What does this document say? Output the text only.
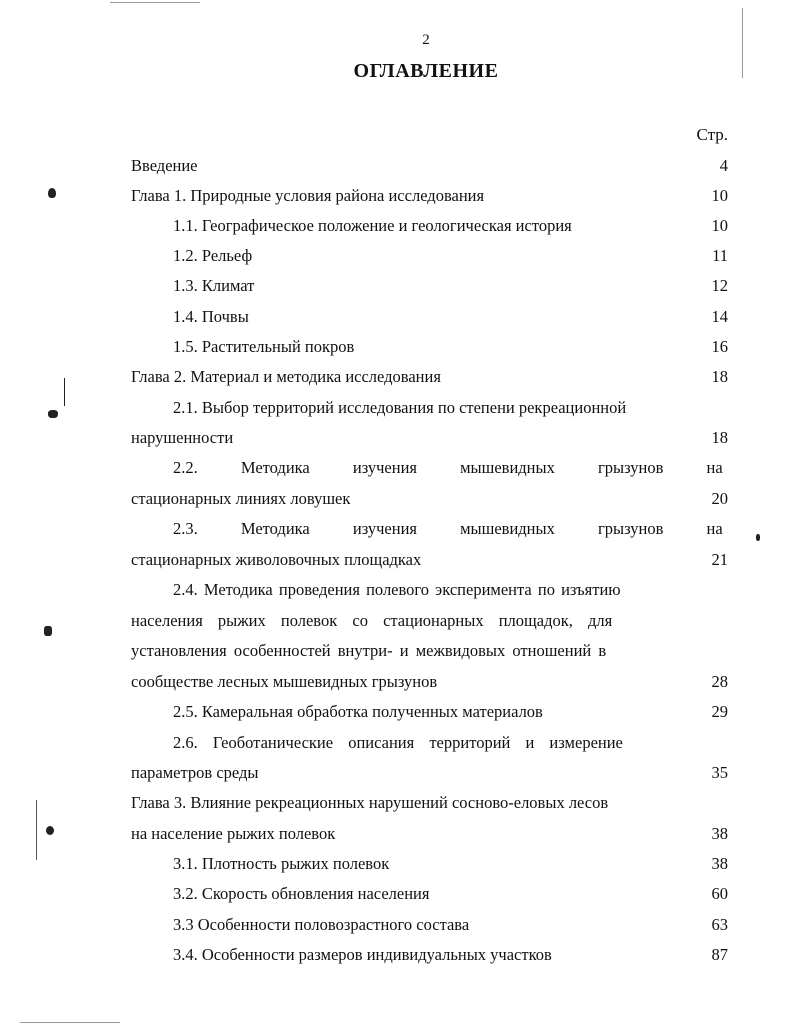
2
ОГЛАВЛЕНИЕ
Стр.
Введение	4
Глава 1. Природные условия района исследования	10
1.1. Географическое положение и геологическая история	10
1.2. Рельеф	11
1.3. Климат	12
1.4. Почвы	14
1.5. Растительный покров	16
Глава 2. Материал и методика исследования	18
2.1. Выбор территорий исследования по степени рекреационной
нарушенности	18
2.2. Методика изучения мышевидных грызунов на
стационарных линиях ловушек	20
2.3. Методика изучения мышевидных грызунов на
стационарных живоловочных площадках	21
2.4. Методика проведения полевого эксперимента по изъятию
населения рыжих полевок со стационарных площадок, для
установления особенностей внутри- и межвидовых отношений в
сообществе лесных мышевидных грызунов	28
2.5. Камеральная обработка полученных материалов	29
2.6. Геоботанические описания территорий и измерение
параметров среды	35
Глава 3. Влияние рекреационных нарушений сосново-еловых лесов
на население рыжих полевок	38
3.1. Плотность рыжих полевок	38
3.2. Скорость обновления населения	60
3.3 Особенности половозрастного состава	63
3.4. Особенности размеров индивидуальных участков	87
